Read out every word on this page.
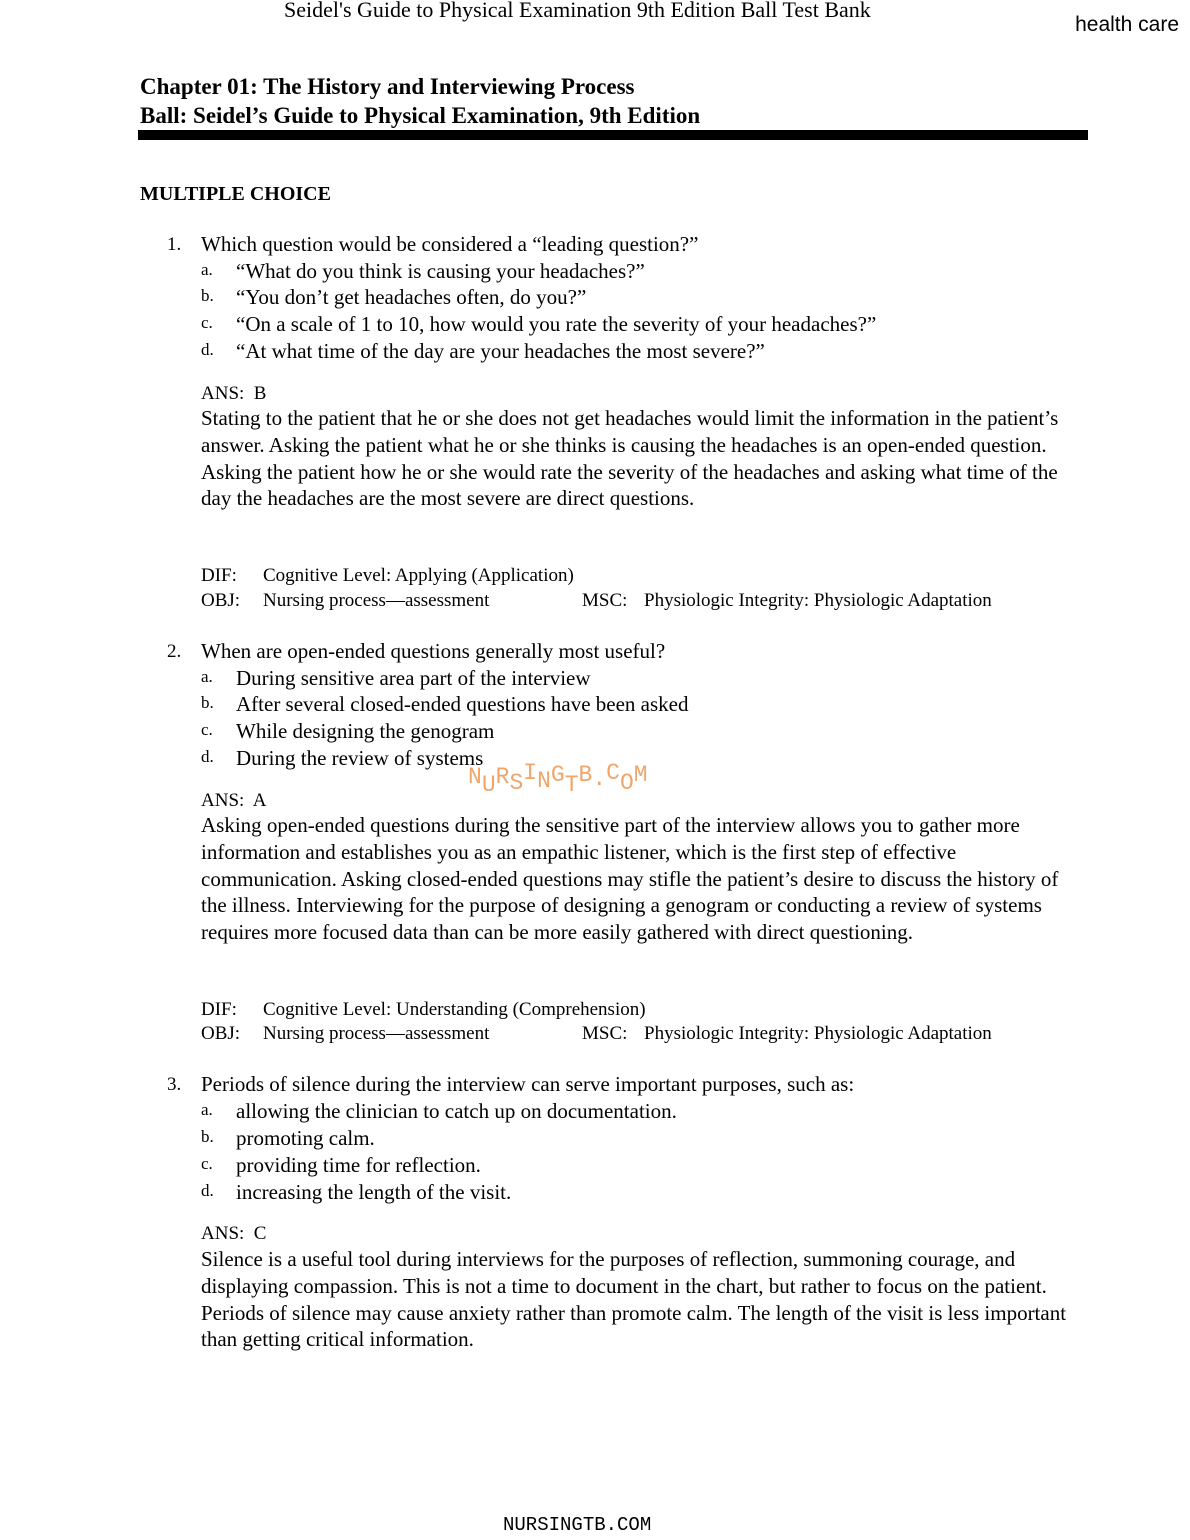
Seidel's Guide to Physical Examination 9th Edition Ball Test Bank
health care
Chapter 01: The History and Interviewing Process
Ball: Seidel’s Guide to Physical Examination, 9th Edition
MULTIPLE CHOICE
1. Which question would be considered a “leading question?”
a. “What do you think is causing your headaches?”
b. “You don’t get headaches often, do you?”
c. “On a scale of 1 to 10, how would you rate the severity of your headaches?”
d. “At what time of the day are your headaches the most severe?”
ANS: B
Stating to the patient that he or she does not get headaches would limit the information in the patient’s answer. Asking the patient what he or she thinks is causing the headaches is an open-ended question. Asking the patient how he or she would rate the severity of the headaches and asking what time of the day the headaches are the most severe are direct questions.
DIF: Cognitive Level: Applying (Application)
OBJ: Nursing process—assessment	MSC: Physiologic Integrity: Physiologic Adaptation
2. When are open-ended questions generally most useful?
a. During sensitive area part of the interview
b. After several closed-ended questions have been asked
c. While designing the genogram
d. During the review of systems
ANS: A
Asking open-ended questions during the sensitive part of the interview allows you to gather more information and establishes you as an empathic listener, which is the first step of effective communication. Asking closed-ended questions may stifle the patient’s desire to discuss the history of the illness. Interviewing for the purpose of designing a genogram or conducting a review of systems requires more focused data than can be more easily gathered with direct questioning.
DIF: Cognitive Level: Understanding (Comprehension)
OBJ: Nursing process—assessment	MSC: Physiologic Integrity: Physiologic Adaptation
3. Periods of silence during the interview can serve important purposes, such as:
a. allowing the clinician to catch up on documentation.
b. promoting calm.
c. providing time for reflection.
d. increasing the length of the visit.
ANS: C
Silence is a useful tool during interviews for the purposes of reflection, summoning courage, and displaying compassion. This is not a time to document in the chart, but rather to focus on the patient. Periods of silence may cause anxiety rather than promote calm. The length of the visit is less important than getting critical information.
NURSINGTB.COM
NURSINGTB.COM
